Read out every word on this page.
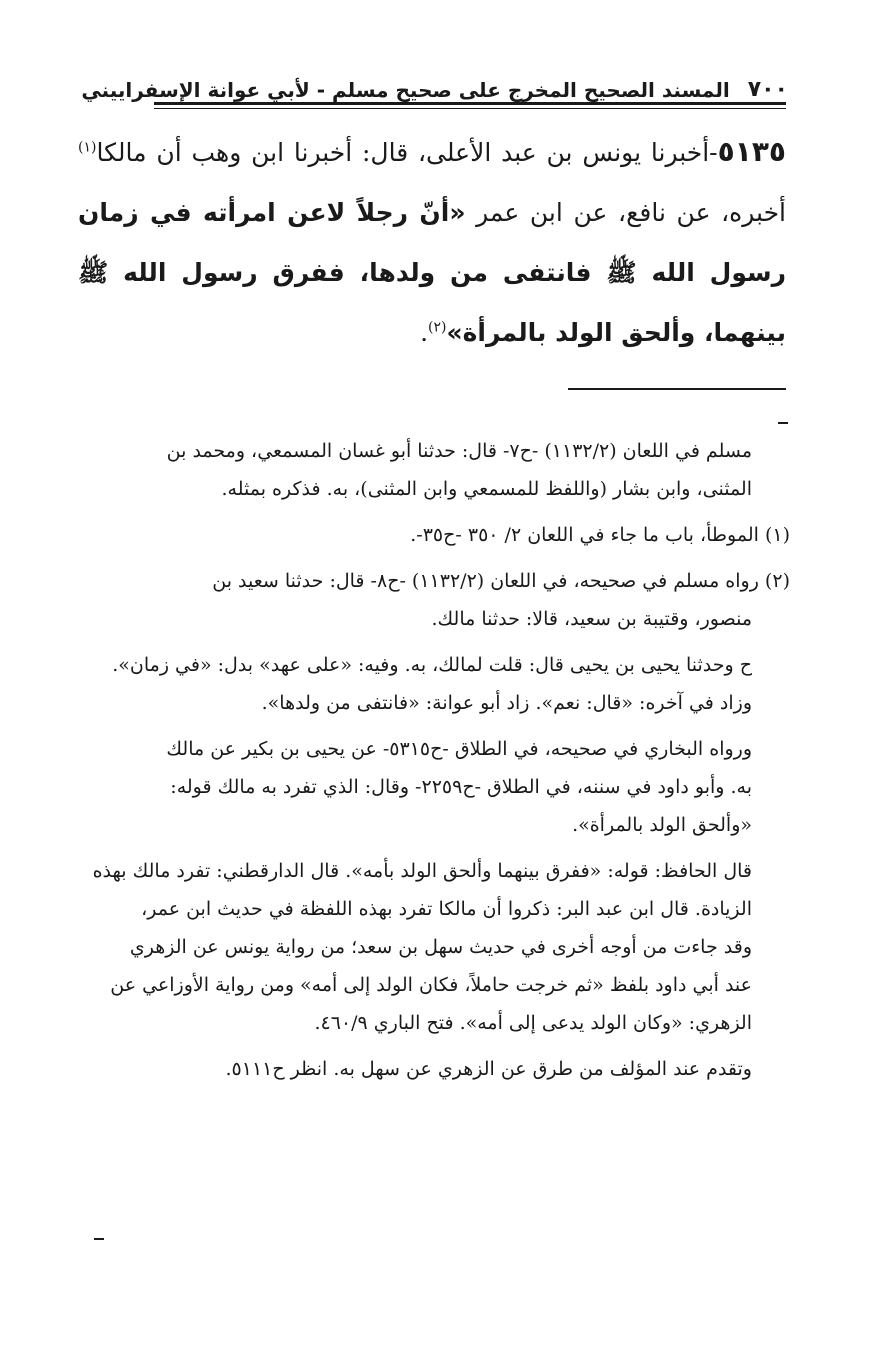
٧٠٠
المسند الصحيح المخرج على صحيح مسلم - لأبي عوانة الإسفراييني
٥١٣٥-أخبرنا يونس بن عبد الأعلى، قال: أخبرنا ابن وهب أن مالكا$^{(١)}$ أخبره، عن نافع، عن ابن عمر «أنّ رجلاً لاعن امرأته في زمان رسول الله ﷺ فانتفى من ولدها، ففرق رسول الله ﷺ بينهما، وألحق الولد بالمرأة»$^{(٢)}$.

مسلم في اللعان (١١٣٢/٢) -ح٧- قال: حدثنا أبو غسان المسمعي، ومحمد بن

المثنى، وابن بشار (واللفظ للمسمعي وابن المثنى)، به. فذكره بمثله.

(١) الموطأ، باب ما جاء في اللعان ٢/ ٣٥٠ -ح٣٥-.

(٢) رواه مسلم في صحيحه، في اللعان (١١٣٢/٢) -ح٨- قال: حدثنا سعيد بن

منصور، وقتيبة بن سعيد، قالا: حدثنا مالك.

ح وحدثنا يحيى بن يحيى قال: قلت لمالك، به. وفيه: «على عهد» بدل: «في زمان».

وزاد في آخره: «قال: نعم». زاد أبو عوانة: «فانتفى من ولدها».

ورواه البخاري في صحيحه، في الطلاق -ح٥٣١٥- عن يحيى بن بكير عن مالك

به. وأبو داود في سننه، في الطلاق -ح٢٢٥٩- وقال: الذي تفرد به مالك قوله:

«وألحق الولد بالمرأة».

قال الحافظ: قوله: «ففرق بينهما وألحق الولد بأمه». قال الدارقطني: تفرد مالك بهذه

الزيادة. قال ابن عبد البر: ذكروا أن مالكا تفرد بهذه اللفظة في حديث ابن عمر،

وقد جاءت من أوجه أخرى في حديث سهل بن سعد؛ من رواية يونس عن الزهري

عند أبي داود بلفظ «ثم خرجت حاملاً، فكان الولد إلى أمه» ومن رواية الأوزاعي عن

الزهري: «وكان الولد يدعى إلى أمه». فتح الباري ٤٦٠/٩.

وتقدم عند المؤلف من طرق عن الزهري عن سهل به. انظر ح٥١١١.
